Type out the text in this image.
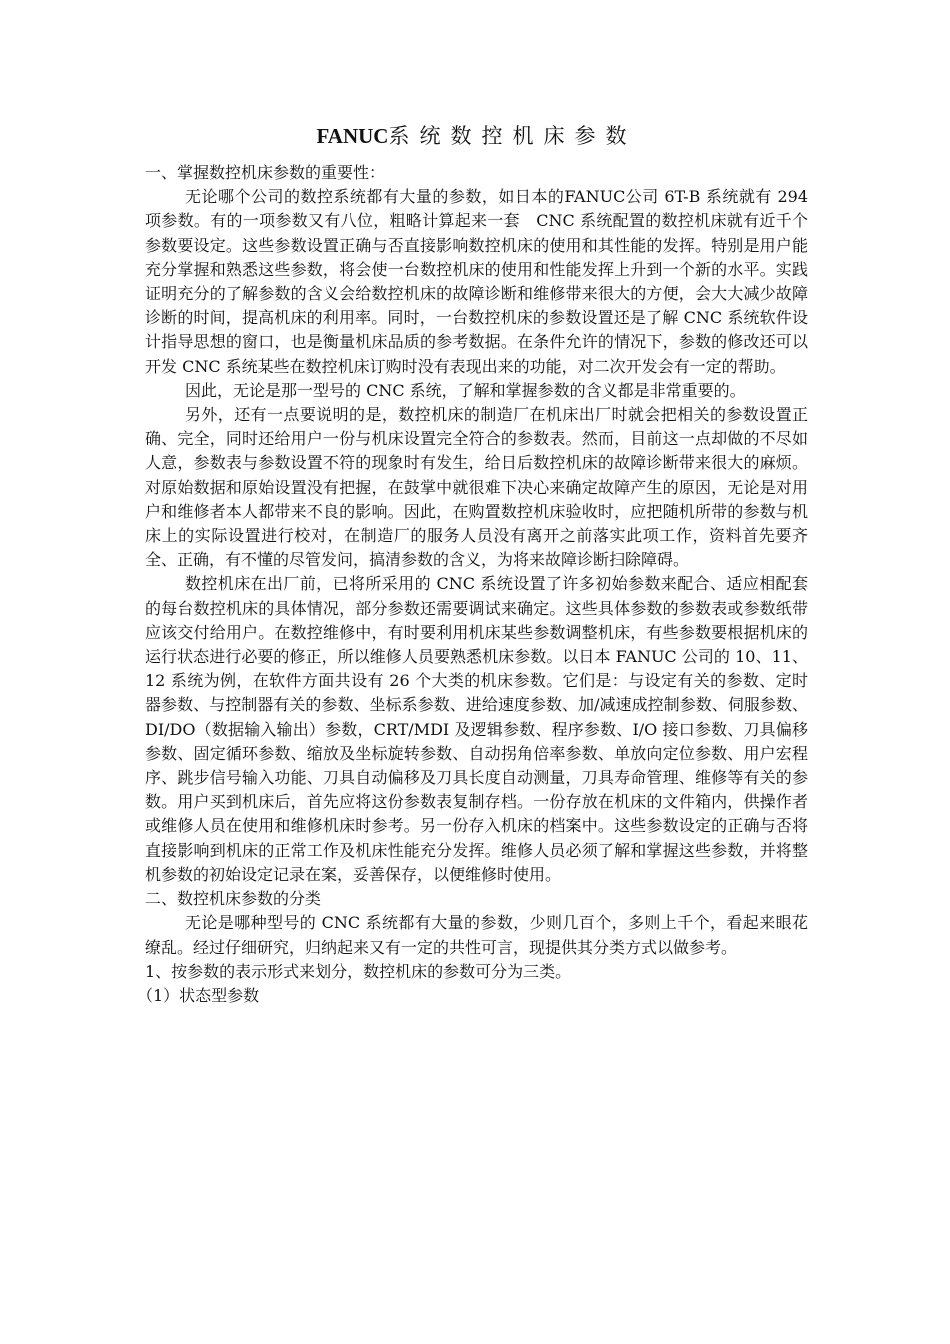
FANUC系统数控机床参数

一、掌握数控机床参数的重要性：

无论哪个公司的数控系统都有大量的参数，如日本的FANUC公司 6T-B 系统就有 294 项参数。有的一项参数又有八位，粗略计算起来一套　CNC 系统配置的数控机床就有近千个参数要设定。这些参数设置正确与否直接影响数控机床的使用和其性能的发挥。特别是用户能充分掌握和熟悉这些参数，将会使一台数控机床的使用和性能发挥上升到一个新的水平。实践证明充分的了解参数的含义会给数控机床的故障诊断和维修带来很大的方便，会大大减少故障诊断的时间，提高机床的利用率。同时，一台数控机床的参数设置还是了解 CNC 系统软件设计指导思想的窗口，也是衡量机床品质的参考数据。在条件允许的情况下，参数的修改还可以开发 CNC 系统某些在数控机床订购时没有表现出来的功能，对二次开发会有一定的帮助。

因此，无论是那一型号的 CNC 系统，了解和掌握参数的含义都是非常重要的。

另外，还有一点要说明的是，数控机床的制造厂在机床出厂时就会把相关的参数设置正确、完全，同时还给用户一份与机床设置完全符合的参数表。然而，目前这一点却做的不尽如人意，参数表与参数设置不符的现象时有发生，给日后数控机床的故障诊断带来很大的麻烦。对原始数据和原始设置没有把握，在鼓掌中就很难下决心来确定故障产生的原因，无论是对用户和维修者本人都带来不良的影响。因此，在购置数控机床验收时，应把随机所带的参数与机床上的实际设置进行校对，在制造厂的服务人员没有离开之前落实此项工作，资料首先要齐全、正确，有不懂的尽管发问，搞清参数的含义，为将来故障诊断扫除障碍。

数控机床在出厂前，已将所采用的 CNC 系统设置了许多初始参数来配合、适应相配套的每台数控机床的具体情况，部分参数还需要调试来确定。这些具体参数的参数表或参数纸带应该交付给用户。在数控维修中，有时要利用机床某些参数调整机床，有些参数要根据机床的运行状态进行必要的修正，所以维修人员要熟悉机床参数。以日本 FANUC 公司的 10、11、12 系统为例，在软件方面共设有 26 个大类的机床参数。它们是：与设定有关的参数、定时器参数、与控制器有关的参数、坐标系参数、进给速度参数、加/减速成控制参数、伺服参数、DI/DO（数据输入输出）参数，CRT/MDI 及逻辑参数、程序参数、I/O 接口参数、刀具偏移参数、固定循环参数、缩放及坐标旋转参数、自动拐角倍率参数、单放向定位参数、用户宏程序、跳步信号输入功能、刀具自动偏移及刀具长度自动测量，刀具寿命管理、维修等有关的参数。用户买到机床后，首先应将这份参数表复制存档。一份存放在机床的文件箱内，供操作者或维修人员在使用和维修机床时参考。另一份存入机床的档案中。这些参数设定的正确与否将直接影响到机床的正常工作及机床性能充分发挥。维修人员必须了解和掌握这些参数，并将整机参数的初始设定记录在案，妥善保存，以便维修时使用。

二、数控机床参数的分类

无论是哪种型号的 CNC 系统都有大量的参数，少则几百个，多则上千个，看起来眼花缭乱。经过仔细研究，归纳起来又有一定的共性可言，现提供其分类方式以做参考。

1、按参数的表示形式来划分，数控机床的参数可分为三类。

（1）状态型参数
